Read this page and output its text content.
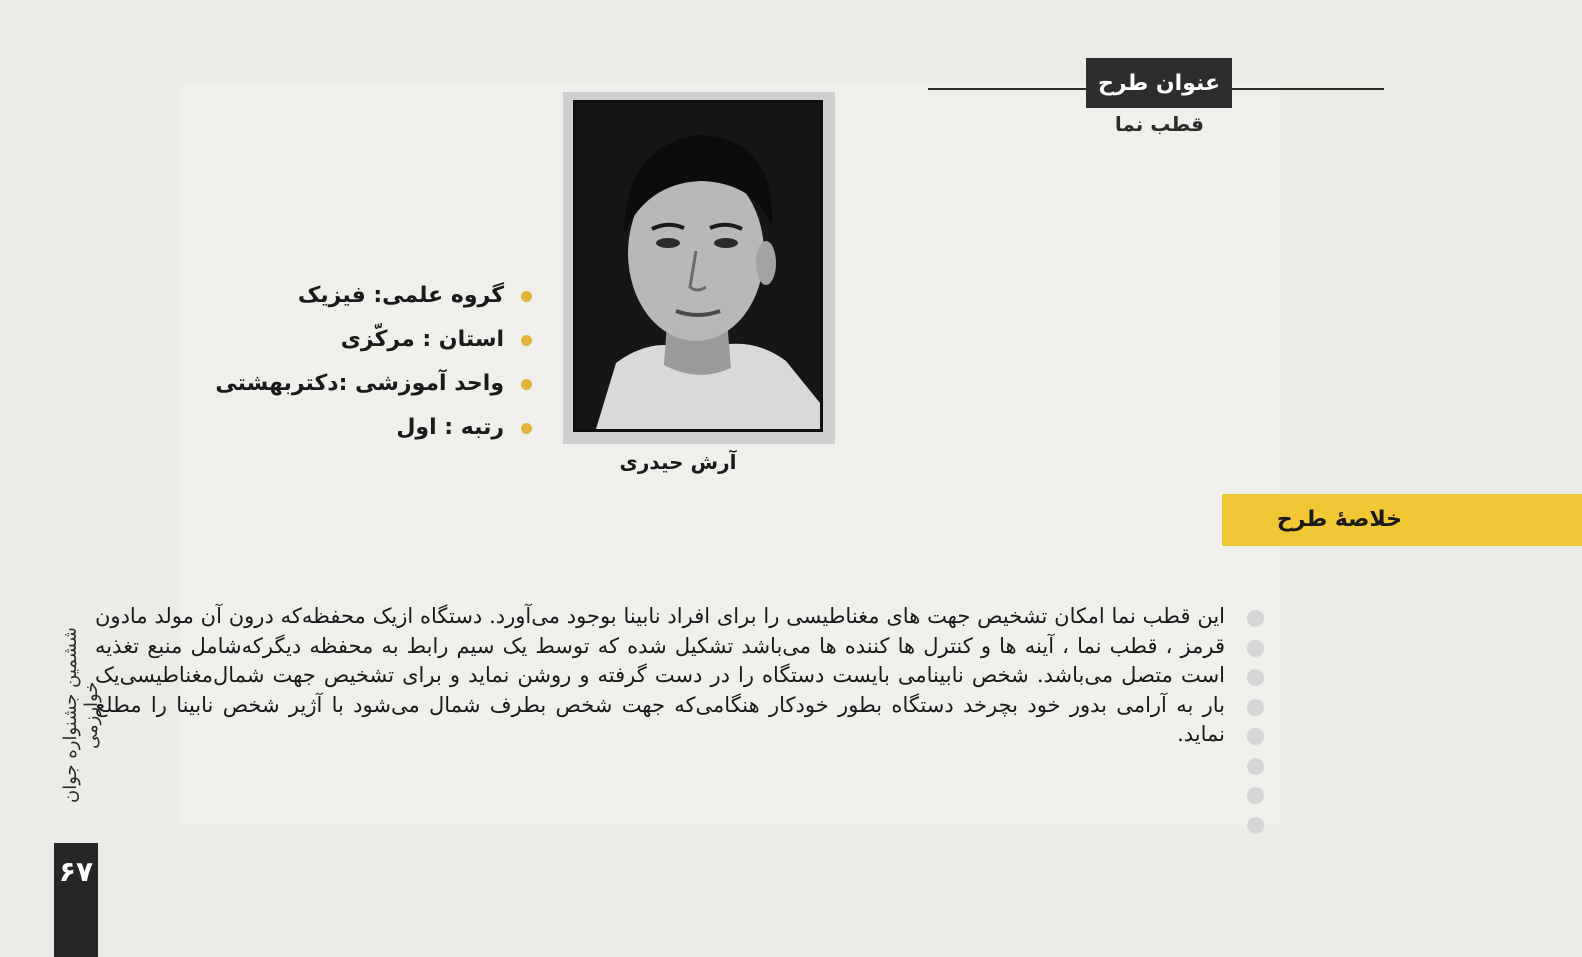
عنوان طرح
قطب نما
آرش حیدری
گروه علمی: فیزیک
استان : مرکّزی
واحد آموزشی :دکتربهشتی
رتبه : اول
خلاصهٔ طرح
این قطب نما امکان تشخیص جهت های مغناطیسی را برای افراد نابینا بوجود می‌آورد. دستگاه ازیک محفظه‌که درون آن مولد مادون قرمز ، قطب نما ، آینه ها و کنترل ها کننده ها می‌باشد تشکیل شده که توسط یک سیم رابط به محفظه دیگرکه‌شامل منبع تغذیه است متصل می‌باشد. شخص نابینامی بایست دستگاه را در دست گرفته و روشن نماید و برای تشخیص جهت شمال‌مغناطیسی‌یک بار به آرامی بدور خود بچرخد دستگاه بطور خودکار هنگامی‌که جهت شخص بطرف شمال می‌شود با آژیر شخص نابینا را مطلع نماید.
ششمین جشنواره جوان خوارزمی
۶۷
